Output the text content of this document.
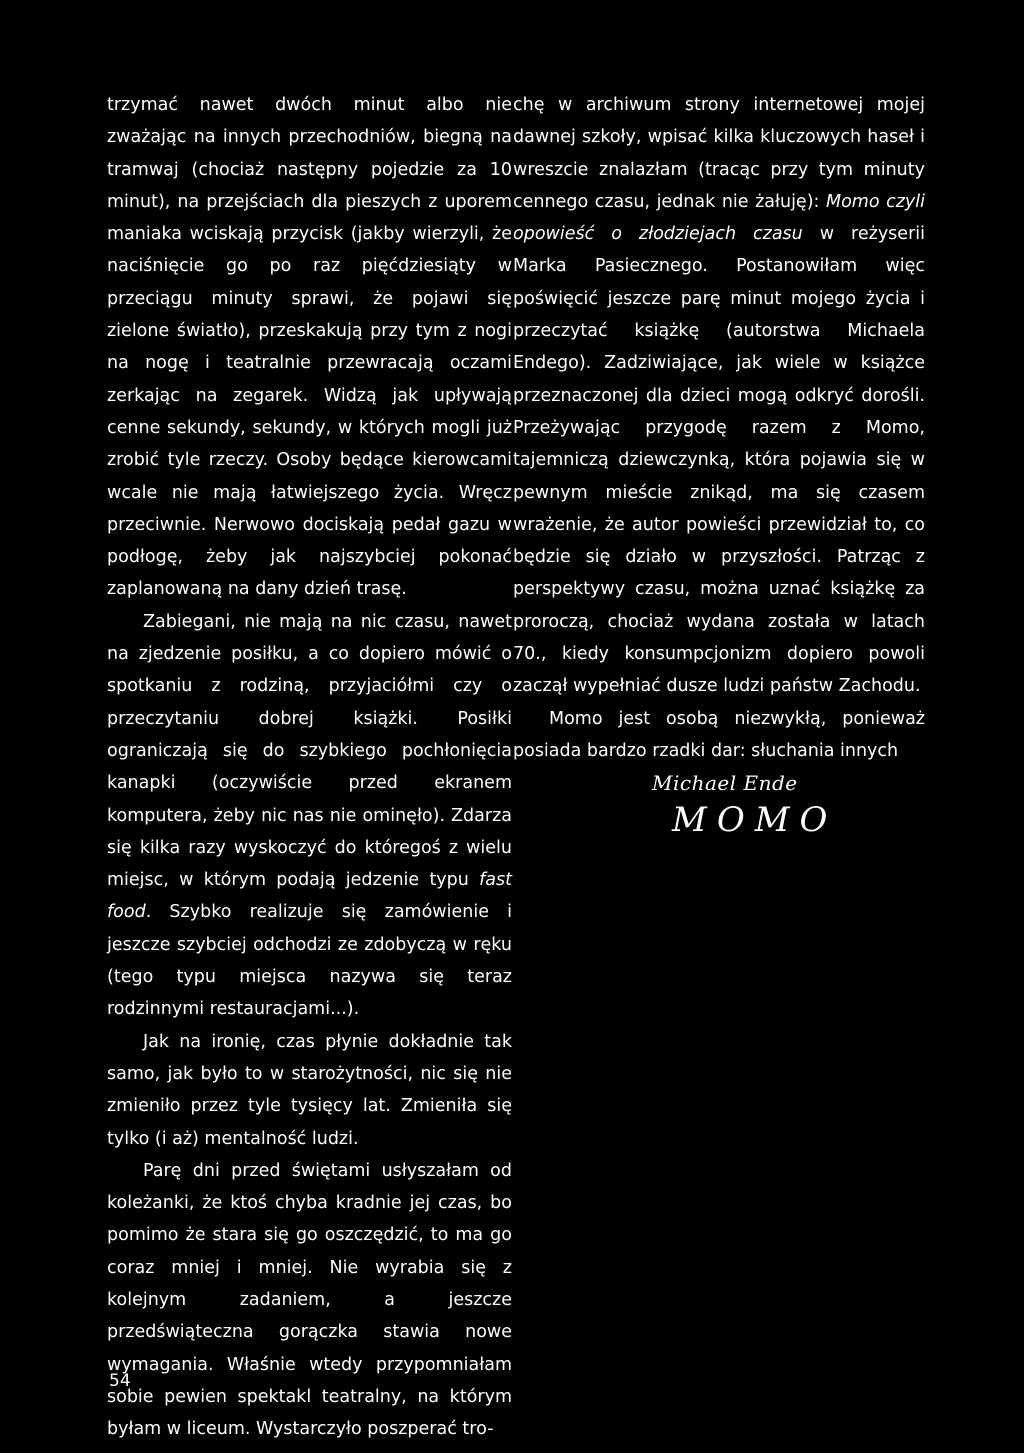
trzymać nawet dwóch minut albo nie zważając na innych przechodniów, biegną na tramwaj (chociaż następny pojedzie za 10 minut), na przejściach dla pieszych z uporem maniaka wciskają przycisk (jakby wierzyli, że naciśnięcie go po raz pięćdziesiąty w przeciągu minuty sprawi, że pojawi się zielone światło), przeskakują przy tym z nogi na nogę i teatralnie przewracają oczami zerkając na zegarek. Widzą jak upływają cenne sekundy, sekundy, w których mogli już zrobić tyle rzeczy. Osoby będące kierowcami wcale nie mają łatwiejszego życia. Wręcz przeciwnie. Nerwowo dociskają pedał gazu w podłogę, żeby jak najszybciej pokonać zaplanowaną na dany dzień trasę.

Zabiegani, nie mają na nic czasu, nawet na zjedzenie posiłku, a co dopiero mówić o spotkaniu z rodziną, przyjaciółmi czy o przeczytaniu dobrej książki. Posiłki ograniczają się do szybkiego pochłonięcia kanapki (oczywiście przed ekranem komputera, żeby nic nas nie ominęło). Zdarza się kilka razy wyskoczyć do któregoś z wielu miejsc, w którym podają jedzenie typu fast food. Szybko realizuje się zamówienie i jeszcze szybciej odchodzi ze zdobyczą w ręku (tego typu miejsca nazywa się teraz rodzinnymi restauracjami...).

Jak na ironię, czas płynie dokładnie tak samo, jak było to w starożytności, nic się nie zmieniło przez tyle tysięcy lat. Zmieniła się tylko (i aż) mentalność ludzi.

Parę dni przed świętami usłyszałam od koleżanki, że ktoś chyba kradnie jej czas, bo pomimo że stara się go oszczędzić, to ma go coraz mniej i mniej. Nie wyrabia się z kolejnym zadaniem, a jeszcze przedświąteczna gorączka stawia nowe wymagania. Właśnie wtedy przypomniałam sobie pewien spektakl teatralny, na którym byłam w liceum. Wystarczyło poszperać tro-

chę w archiwum strony internetowej mojej dawnej szkoły, wpisać kilka kluczowych haseł i wreszcie znalazłam (tracąc przy tym minuty cennego czasu, jednak nie żałuję): Momo czyli opowieść o złodziejach czasu w reżyserii Marka Pasiecznego. Postanowiłam więc poświęcić jeszcze parę minut mojego życia i przeczytać książkę (autorstwa Michaela Endego). Zadziwiające, jak wiele w książce przeznaczonej dla dzieci mogą odkryć dorośli. Przeżywając przygodę razem z Momo, tajemniczą dziewczynką, która pojawia się w pewnym mieście znikąd, ma się czasem wrażenie, że autor powieści przewidział to, co będzie się działo w przyszłości. Patrząc z perspektywy czasu, można uznać książkę za proroczą, chociaż wydana została w latach 70., kiedy konsumpcjonizm dopiero powoli zaczął wypełniać dusze ludzi państw Zachodu.

Momo jest osobą niezwykłą, ponieważ posiada bardzo rzadki dar: słuchania innych

Michael Ende
MOMO
54
